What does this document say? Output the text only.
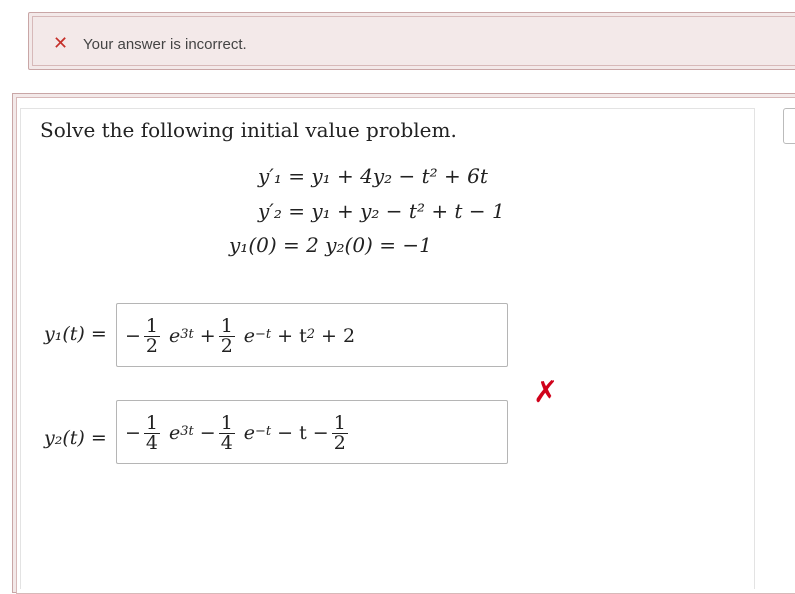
✕ Your answer is incorrect.
Solve the following initial value problem.
y′₁ = y₁ + 4y₂ − t² + 6t
y′₂ = y₁ + y₂ − t² + t − 1
y₁(0) = 2 y₂(0) = −1
y₁(t) = − $\frac{1}{2} e^{3t} + \frac{1}{2} e^{-t} + t^2 + 2$
y₂(t) = − $\frac{1}{4} e^{3t} - \frac{1}{4} e^{-t} - t - \frac{1}{2}$
✗
